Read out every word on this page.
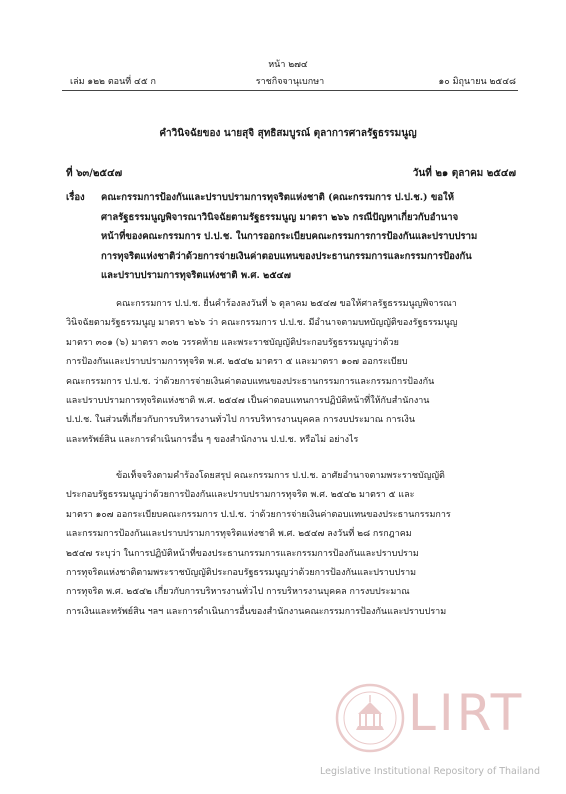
หน้า ๒๗๔
เล่ม ๑๒๒ ตอนที่ ๔๕ ก	ราชกิจจานุเบกษา	๑๐ มิถุนายน ๒๕๔๘
คำวินิจฉัยของ นายสุจิ สุทธิสมบูรณ์ ตุลาการศาลรัฐธรรมนูญ
ที่ ๖๓/๒๕๔๗	วันที่ ๒๑ ตุลาคม ๒๕๔๗
เรื่อง คณะกรรมการป้องกันและปราบปรามการทุจริตแห่งชาติ (คณะกรรมการ ป.ป.ช.) ขอให้
ศาลรัฐธรรมนูญพิจารณาวินิจฉัยตามรัฐธรรมนูญ มาตรา ๒๖๖ กรณีปัญหาเกี่ยวกับอำนาจ
หน้าที่ของคณะกรรมการ ป.ป.ช. ในการออกระเบียบคณะกรรมการการป้องกันและปราบปราม
การทุจริตแห่งชาติว่าด้วยการจ่ายเงินค่าตอบแทนของประธานกรรมการและกรรมการป้องกัน
และปราบปรามการทุจริตแห่งชาติ พ.ศ. ๒๕๔๗
คณะกรรมการ ป.ป.ช. ยื่นคำร้องลงวันที่ ๖ ตุลาคม ๒๕๔๗ ขอให้ศาลรัฐธรรมนูญพิจารณา
วินิจฉัยตามรัฐธรรมนูญ มาตรา ๒๖๖ ว่า คณะกรรมการ ป.ป.ช. มีอำนาจตามบทบัญญัติของรัฐธรรมนูญ
มาตรา ๓๐๑ (๖) มาตรา ๓๐๒ วรรคท้าย และพระราชบัญญัติประกอบรัฐธรรมนูญว่าด้วย
การป้องกันและปราบปรามการทุจริต พ.ศ. ๒๕๔๒ มาตรา ๕ และมาตรา ๑๐๗ ออกระเบียบ
คณะกรรมการ ป.ป.ช. ว่าด้วยการจ่ายเงินค่าตอบแทนของประธานกรรมการและกรรมการป้องกัน
และปราบปรามการทุจริตแห่งชาติ พ.ศ. ๒๕๔๗ เป็นค่าตอบแทนการปฏิบัติหน้าที่ให้กับสำนักงาน
ป.ป.ช. ในส่วนที่เกี่ยวกับการบริหารงานทั่วไป การบริหารงานบุคคล การงบประมาณ การเงิน
และทรัพย์สิน และการดำเนินการอื่น ๆ ของสำนักงาน ป.ป.ช. หรือไม่ อย่างไร
ข้อเท็จจริงตามคำร้องโดยสรุป คณะกรรมการ ป.ป.ช. อาศัยอำนาจตามพระราชบัญญัติ
ประกอบรัฐธรรมนูญว่าด้วยการป้องกันและปราบปรามการทุจริต พ.ศ. ๒๕๔๒ มาตรา ๕ และ
มาตรา ๑๐๗ ออกระเบียบคณะกรรมการ ป.ป.ช. ว่าด้วยการจ่ายเงินค่าตอบแทนของประธานกรรมการ
และกรรมการป้องกันและปราบปรามการทุจริตแห่งชาติ พ.ศ. ๒๕๔๗ ลงวันที่ ๒๘ กรกฎาคม
๒๕๔๗ ระบุว่า ในการปฏิบัติหน้าที่ของประธานกรรมการและกรรมการป้องกันและปราบปราม
การทุจริตแห่งชาติตามพระราชบัญญัติประกอบรัฐธรรมนูญว่าด้วยการป้องกันและปราบปราม
การทุจริต พ.ศ. ๒๕๔๒ เกี่ยวกับการบริหารงานทั่วไป การบริหารงานบุคคล การงบประมาณ
การเงินและทรัพย์สิน ฯลฯ และการดำเนินการอื่นของสำนักงานคณะกรรมการป้องกันและปราบปราม
LIRT
Legislative Institutional Repository of Thailand
